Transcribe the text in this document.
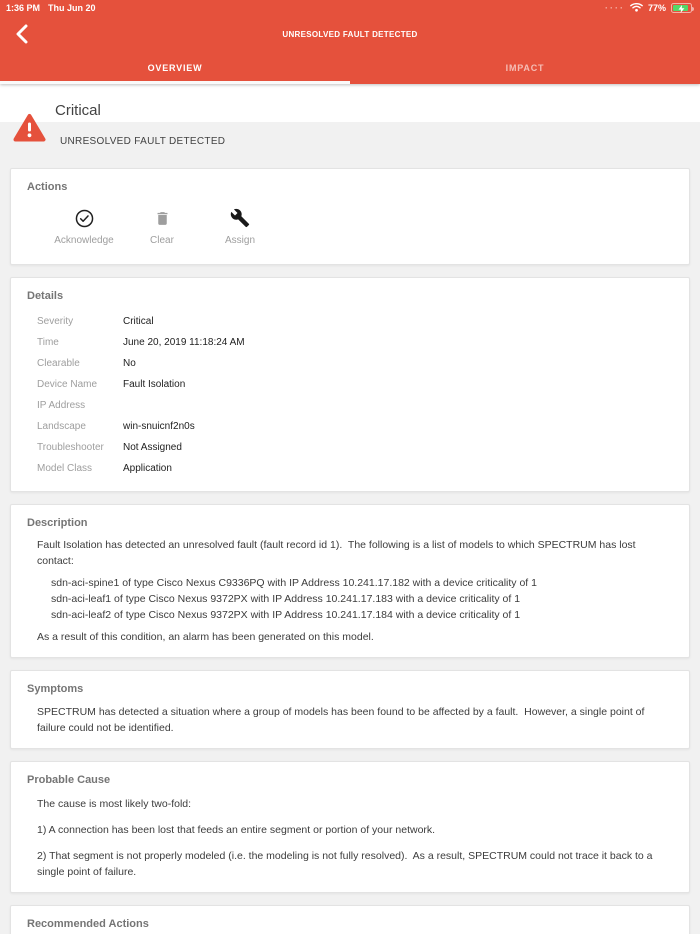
1:36 PM Thu Jun 20	····	77%
UNRESOLVED FAULT DETECTED
OVERVIEW	IMPACT
Critical
UNRESOLVED FAULT DETECTED
Actions
Acknowledge	Clear	Assign
Details
Severity	Critical
Time	June 20, 2019 11:18:24 AM
Clearable	No
Device Name	Fault Isolation
IP Address
Landscape	win-snuicnf2n0s
Troubleshooter	Not Assigned
Model Class	Application
Description

Fault Isolation has detected an unresolved fault (fault record id 1).  The following is a list of models to which SPECTRUM has lost contact:

sdn-aci-spine1 of type Cisco Nexus C9336PQ with IP Address 10.241.17.182 with a device criticality of 1
sdn-aci-leaf1 of type Cisco Nexus 9372PX with IP Address 10.241.17.183 with a device criticality of 1
sdn-aci-leaf2 of type Cisco Nexus 9372PX with IP Address 10.241.17.184 with a device criticality of 1

As a result of this condition, an alarm has been generated on this model.

Symptoms

SPECTRUM has detected a situation where a group of models has been found to be affected by a fault.  However, a single point of failure could not be identified.

Probable Cause

The cause is most likely two-fold:

1) A connection has been lost that feeds an entire segment or portion of your network.

2) That segment is not properly modeled (i.e. the modeling is not fully resolved).  As a result, SPECTRUM could not trace it back to a single point of failure.

Recommended Actions
